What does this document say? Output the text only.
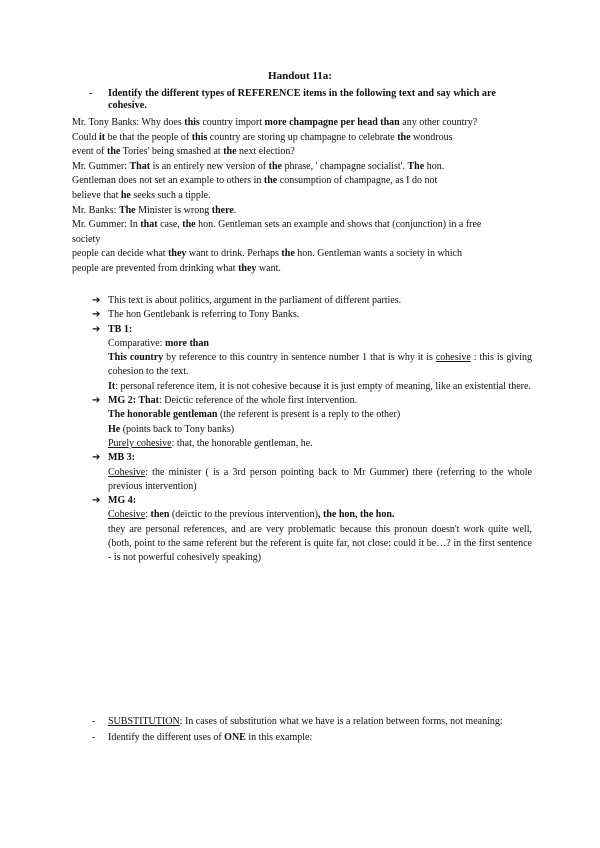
Handout 11a:
- Identify the different types of REFERENCE items in the following text and say which are cohesive.

Mr. Tony Banks: Why does this country import more champagne per head than any other country?

Could it be that the people of this country are storing up champagne to celebrate the wondrous

event of the Tories' being smashed at the next election?

Mr. Gummer: That is an entirely new version of the phrase, ' champagne socialist'. The hon.

Gentleman does not set an example to others in the consumption of champagne, as I do not

believe that he seeks such a tipple.

Mr. Banks: The Minister is wrong there.

Mr. Gummer: In that case, the hon. Gentleman sets an example and shows that (conjunction) in a free

society

people can decide what they want to drink. Perhaps the hon. Gentleman wants a society in which

people are prevented from drinking what they want.

➔ This text is about politics, argument in the parliament of different parties.
➔ The hon Gentlebank is referring to Tony Banks.
➔ TB 1:
Comparative: more than
This country by reference to this country in sentence number 1 that is why it is cohesive : this is giving cohesion to the text.
It: personal reference item, it is not cohesive because it is just empty of meaning, like an existential there.
➔ MG 2: That: Deictic reference of the whole first intervention.
The honorable gentleman (the referent is present is a reply to the other)
He (points back to Tony banks)
Purely cohesive: that, the honorable gentleman, he.
➔ MB 3:
Cohesive: the minister ( is a 3rd person pointing back to Mr Gummer) there (referring to the whole previous intervention)
➔ MG 4:
Cohesive: then (deictic to the previous intervention), the hon, the hon.
they are personal references, and are very problematic because this pronoun doesn't work quite well, (both, point to the same referent but the referent is quite far, not close: could it be…? in the first sentence - is not powerful cohesively speaking)
- SUBSTITUTION: In cases of substitution what we have is a relation between forms, not meaning:
- Identify the different uses of ONE in this example:
